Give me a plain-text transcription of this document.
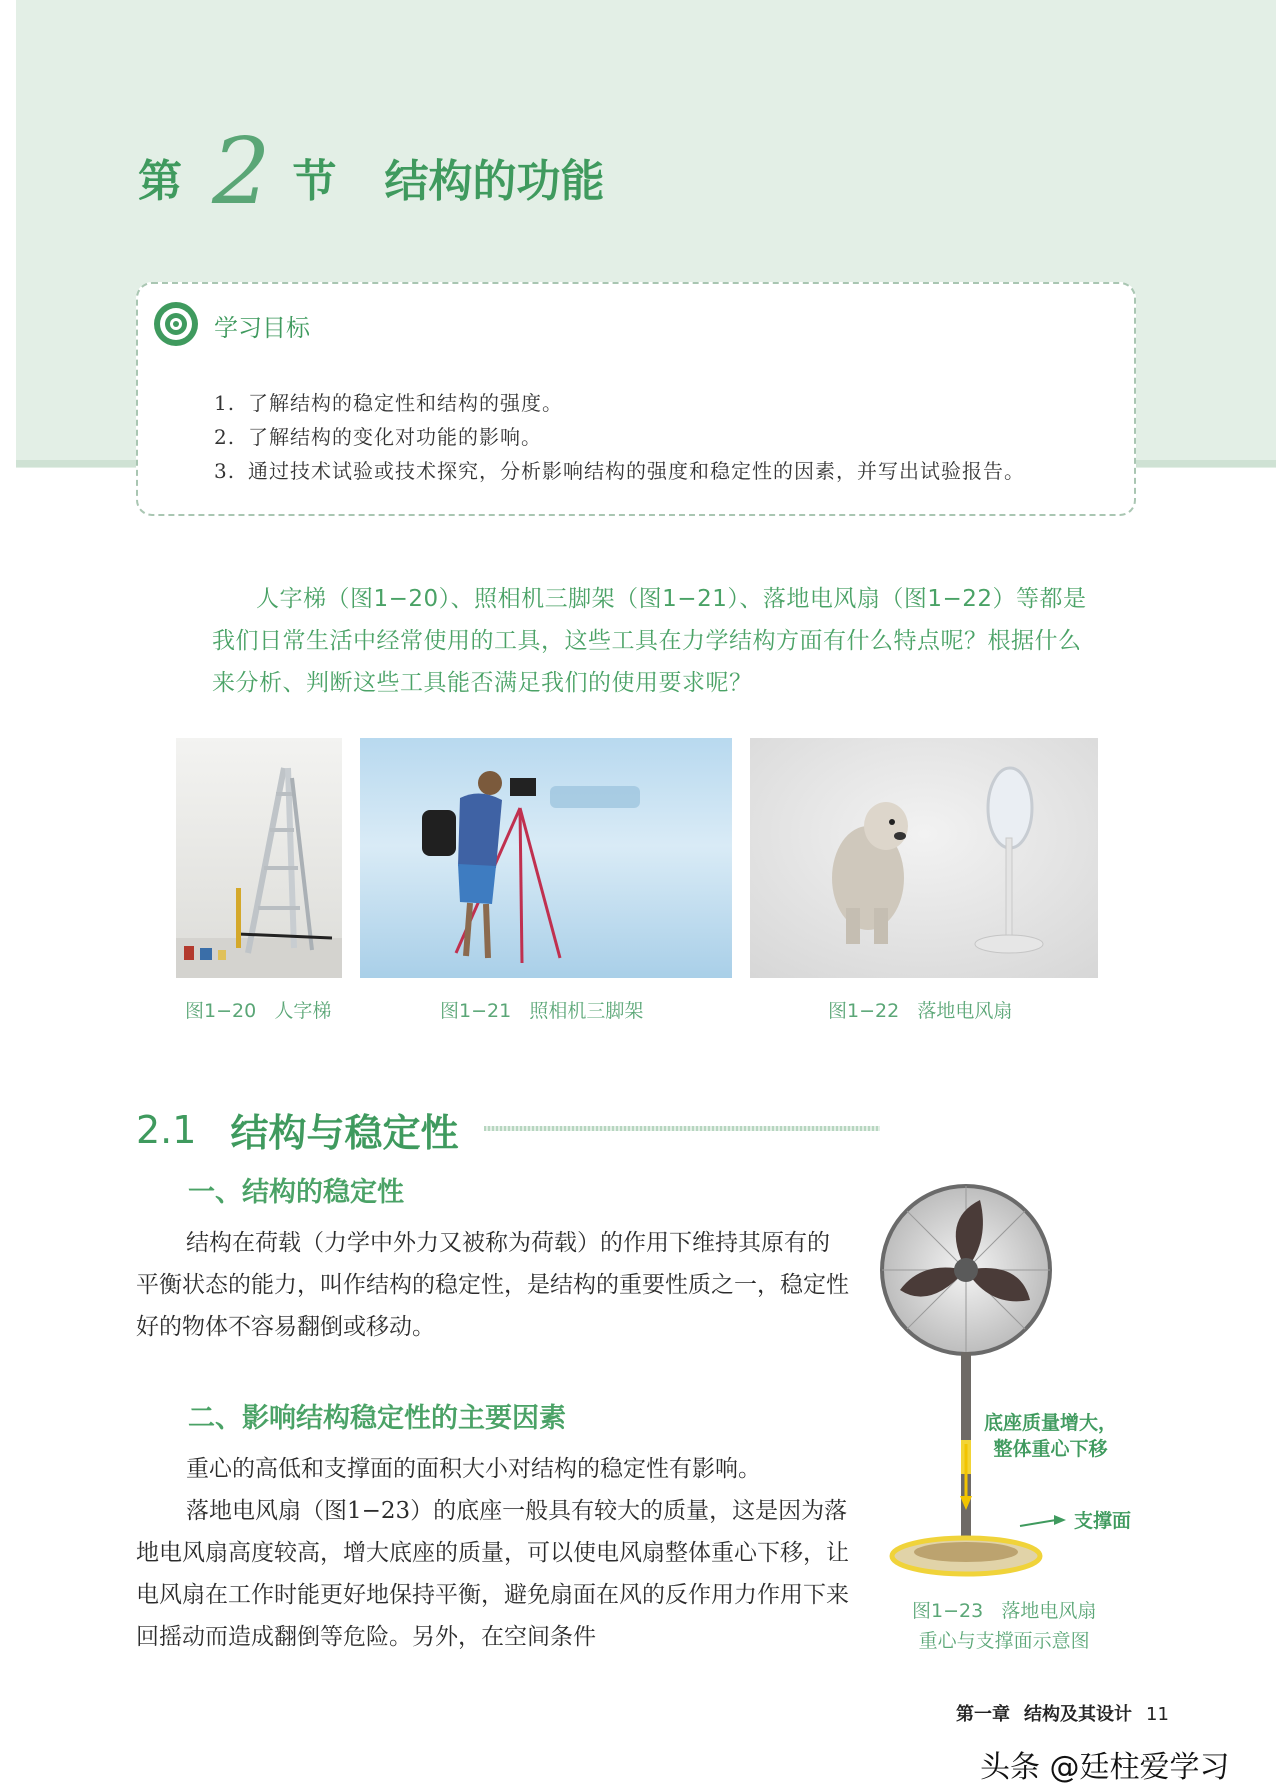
第 2 节 结构的功能
学习目标
1. 了解结构的稳定性和结构的强度。
2. 了解结构的变化对功能的影响。
3. 通过技术试验或技术探究，分析影响结构的强度和稳定性的因素，并写出试验报告。

人字梯（图1−20）、照相机三脚架（图1−21）、落地电风扇（图1−22）等都是我们日常生活中经常使用的工具，这些工具在力学结构方面有什么特点呢？根据什么来分析、判断这些工具能否满足我们的使用要求呢？

图1−20 人字梯	图1−21 照相机三脚架	图1−22 落地电风扇
2.1 结构与稳定性
一、结构的稳定性

结构在荷载（力学中外力又被称为荷载）的作用下维持其原有的平衡状态的能力，叫作结构的稳定性，是结构的重要性质之一，稳定性好的物体不容易翻倒或移动。

二、影响结构稳定性的主要因素

重心的高低和支撑面的面积大小对结构的稳定性有影响。

落地电风扇（图1−23）的底座一般具有较大的质量，这是因为落地电风扇高度较高，增大底座的质量，可以使电风扇整体重心下移，让电风扇在工作时能更好地保持平衡，避免扇面在风的反作用力作用下来回摇动而造成翻倒等危险。另外，在空间条件

底座质量增大，
整体重心下移
支撑面
图1−23 落地电风扇
重心与支撑面示意图
第一章 结构及其设计 11
头条 @廷柱爱学习
